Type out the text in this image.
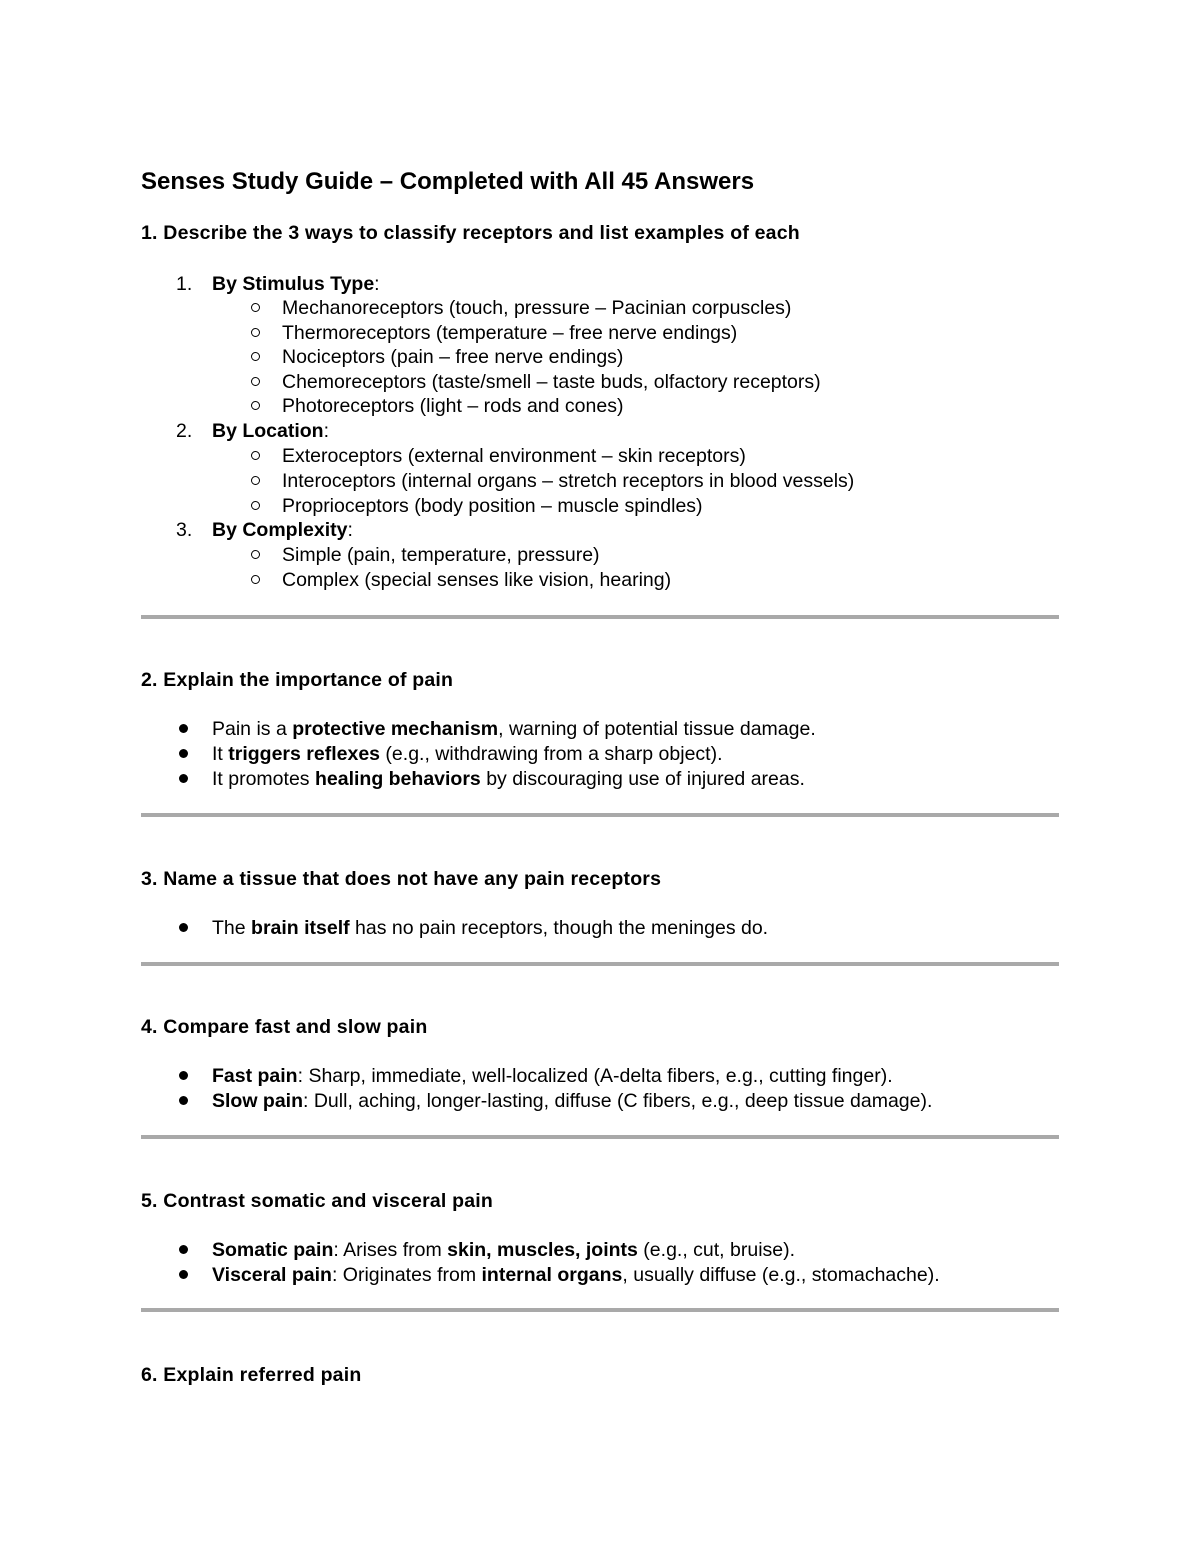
Senses Study Guide – Completed with All 45 Answers
1. Describe the 3 ways to classify receptors and list examples of each
1. By Stimulus Type:
Mechanoreceptors (touch, pressure – Pacinian corpuscles)
Thermoreceptors (temperature – free nerve endings)
Nociceptors (pain – free nerve endings)
Chemoreceptors (taste/smell – taste buds, olfactory receptors)
Photoreceptors (light – rods and cones)
2. By Location:
Exteroceptors (external environment – skin receptors)
Interoceptors (internal organs – stretch receptors in blood vessels)
Proprioceptors (body position – muscle spindles)
3. By Complexity:
Simple (pain, temperature, pressure)
Complex (special senses like vision, hearing)
2. Explain the importance of pain
Pain is a protective mechanism, warning of potential tissue damage.
It triggers reflexes (e.g., withdrawing from a sharp object).
It promotes healing behaviors by discouraging use of injured areas.
3. Name a tissue that does not have any pain receptors
The brain itself has no pain receptors, though the meninges do.
4. Compare fast and slow pain
Fast pain: Sharp, immediate, well-localized (A-delta fibers, e.g., cutting finger).
Slow pain: Dull, aching, longer-lasting, diffuse (C fibers, e.g., deep tissue damage).
5. Contrast somatic and visceral pain
Somatic pain: Arises from skin, muscles, joints (e.g., cut, bruise).
Visceral pain: Originates from internal organs, usually diffuse (e.g., stomachache).
6. Explain referred pain
